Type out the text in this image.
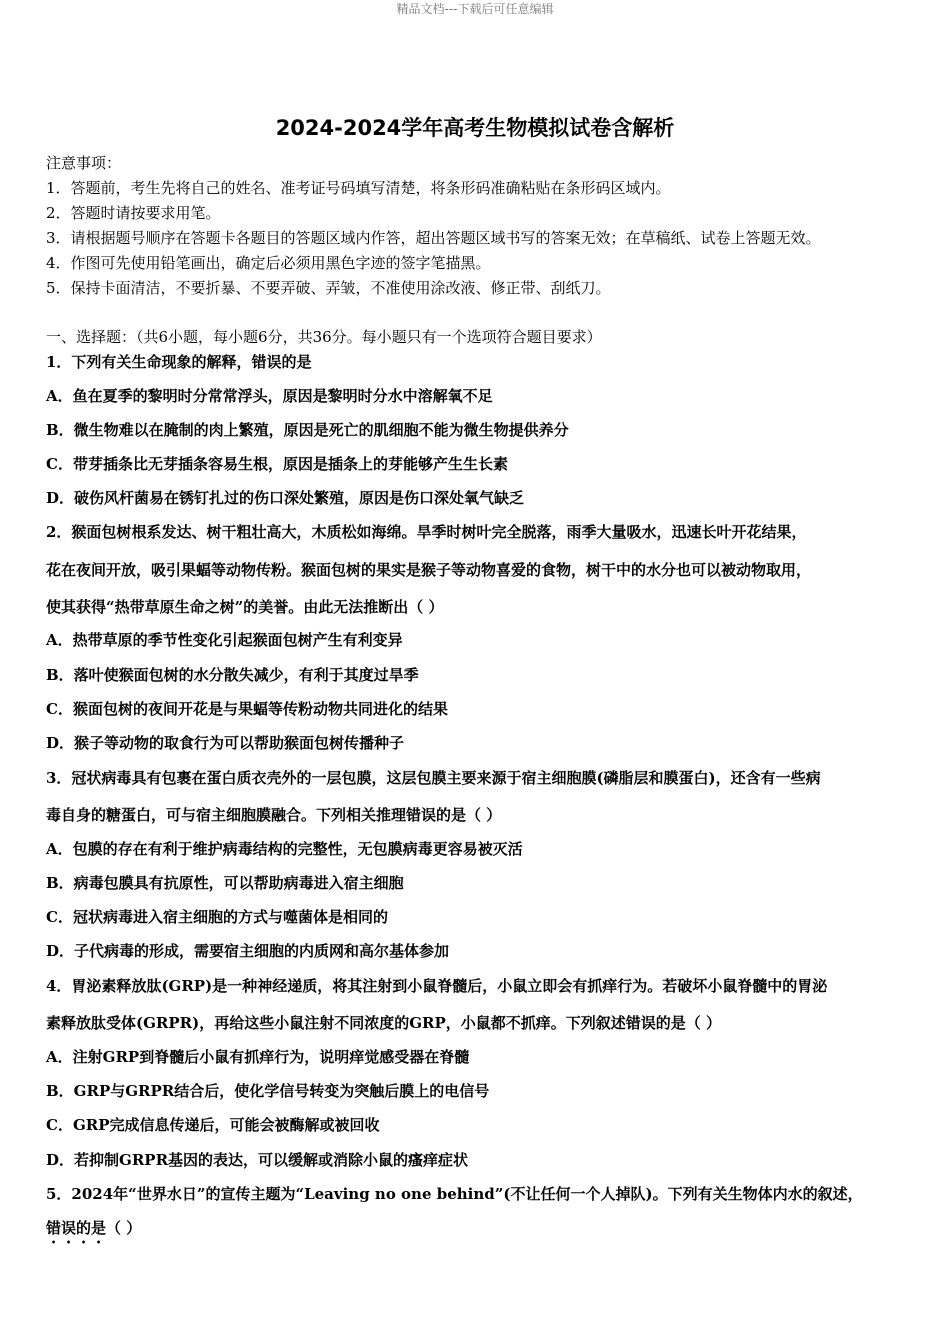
精品文档---下载后可任意编辑
2024-2024学年高考生物模拟试卷含解析
注意事项：
1．答题前，考生先将自己的姓名、准考证号码填写清楚，将条形码准确粘贴在条形码区域内。
2．答题时请按要求用笔。
3．请根据题号顺序在答题卡各题目的答题区域内作答，超出答题区域书写的答案无效；在草稿纸、试卷上答题无效。
4．作图可先使用铅笔画出，确定后必须用黑色字迹的签字笔描黑。
5．保持卡面清洁，不要折暴、不要弄破、弄皱，不准使用涂改液、修正带、刮纸刀。
一、选择题：（共6小题，每小题6分，共36分。每小题只有一个选项符合题目要求）
1．下列有关生命现象的解释，错误的是
A．鱼在夏季的黎明时分常常浮头，原因是黎明时分水中溶解氧不足
B．微生物难以在腌制的肉上繁殖，原因是死亡的肌细胞不能为微生物提供养分
C．带芽插条比无芽插条容易生根，原因是插条上的芽能够产生生长素
D．破伤风杆菌易在锈钉扎过的伤口深处繁殖，原因是伤口深处氧气缺乏
2．猴面包树根系发达、树干粗壮高大，木质松如海绵。旱季时树叶完全脱落，雨季大量吸水，迅速长叶开花结果，
花在夜间开放，吸引果蝠等动物传粉。猴面包树的果实是猴子等动物喜爱的食物，树干中的水分也可以被动物取用，
使其获得“热带草原生命之树”的美誉。由此无法推断出（ ）
A．热带草原的季节性变化引起猴面包树产生有利变异
B．落叶使猴面包树的水分散失减少，有利于其度过旱季
C．猴面包树的夜间开花是与果蝠等传粉动物共同进化的结果
D．猴子等动物的取食行为可以帮助猴面包树传播种子
3．冠状病毒具有包裹在蛋白质衣壳外的一层包膜，这层包膜主要来源于宿主细胞膜(磷脂层和膜蛋白)，还含有一些病
毒自身的糖蛋白，可与宿主细胞膜融合。下列相关推理错误的是（ ）
A．包膜的存在有利于维护病毒结构的完整性，无包膜病毒更容易被灭活
B．病毒包膜具有抗原性，可以帮助病毒进入宿主细胞
C．冠状病毒进入宿主细胞的方式与噬菌体是相同的
D．子代病毒的形成，需要宿主细胞的内质网和高尔基体参加
4．胃泌素释放肽(GRP)是一种神经递质，将其注射到小鼠脊髓后，小鼠立即会有抓痒行为。若破坏小鼠脊髓中的胃泌
素释放肽受体(GRPR)，再给这些小鼠注射不同浓度的GRP，小鼠都不抓痒。下列叙述错误的是（ ）
A．注射GRP到脊髓后小鼠有抓痒行为，说明痒觉感受器在脊髓
B．GRP与GRPR结合后，使化学信号转变为突触后膜上的电信号
C．GRP完成信息传递后，可能会被酶解或被回收
D．若抑制GRPR基因的表达，可以缓解或消除小鼠的瘙痒症状
5．2024年“世界水日”的宣传主题为“Leaving no one behind”(不让任何一个人掉队)。下列有关生物体内水的叙述，
错误的是（ ）
